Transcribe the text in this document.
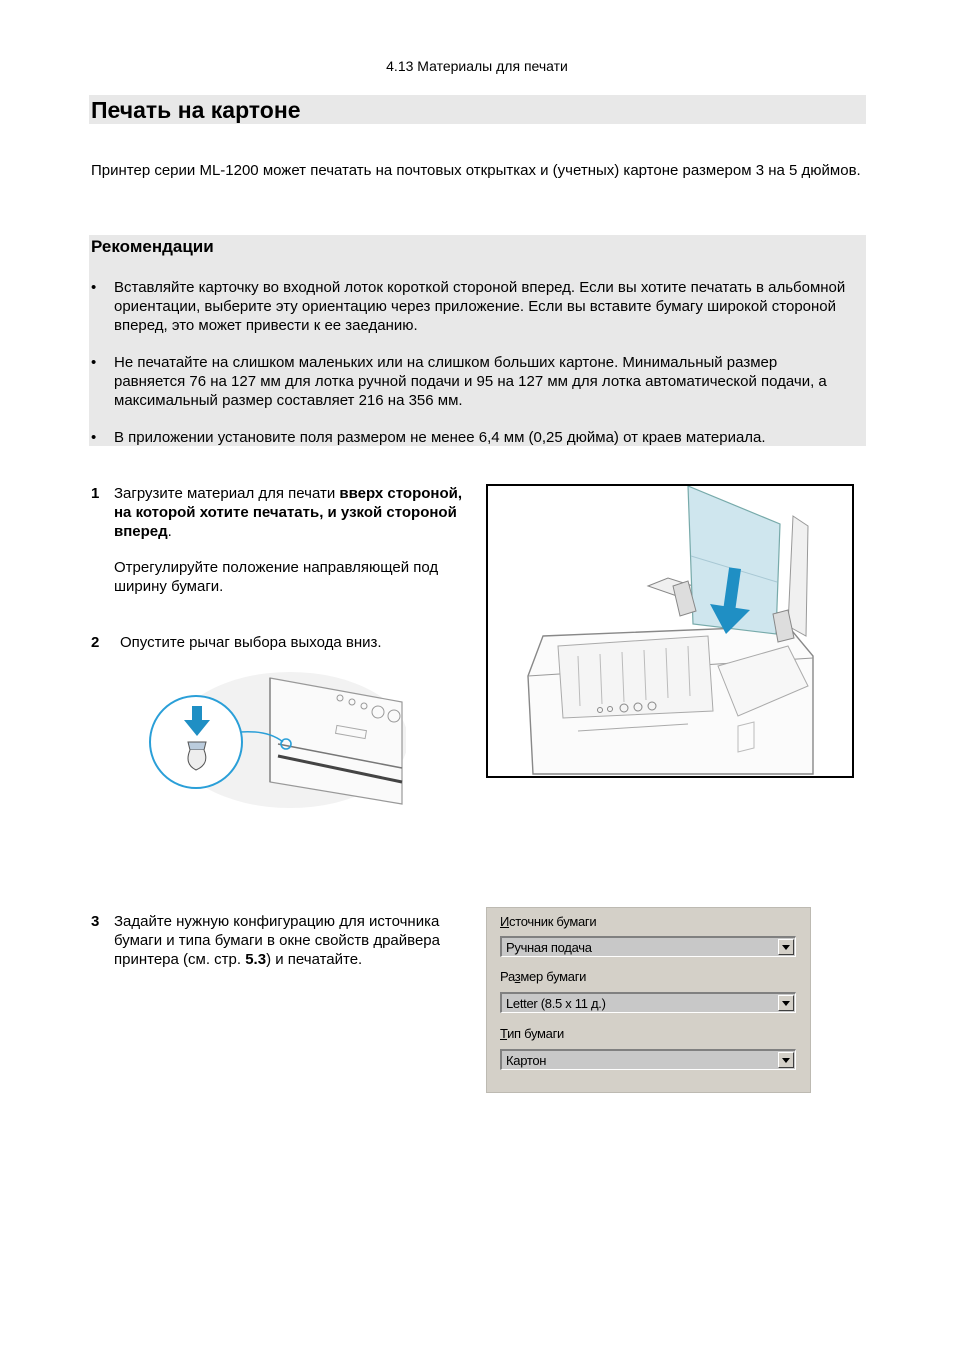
4.13 Материалы для печати
Печать на картоне

Принтер серии ML-1200 может печатать на почтовых открытках и (учетных) картоне размером 3 на 5 дюймов.

Рекомендации
• Вставляйте карточку во входной лоток короткой стороной вперед. Если вы хотите печатать в альбомной ориентации, выберите эту ориентацию через приложение. Если вы вставите бумагу широкой стороной вперед, это может привести к ее заеданию.
• Не печатайте на слишком маленьких или на слишком больших картоне. Минимальный размер равняется 76 на 127 мм для лотка ручной подачи и 95 на 127 мм для лотка автоматической подачи, а максимальный размер составляет 216 на 356 мм.
• В приложении установите поля размером не менее 6,4 мм (0,25 дюйма) от краев материала.
1 Загрузите материал для печати вверх стороной, на которой хотите печатать, и узкой стороной вперед.

Отрегулируйте положение направляющей под ширину бумаги.

2 Опустите рычаг выбора выхода вниз.

3 Задайте нужную конфигурацию для источника бумаги и типа бумаги в окне свойств драйвера принтера (см. стр. 5.3) и печатайте.

Источник бумаги
Ручная подача
Размер бумаги
Letter (8.5 x 11 д.)
Тип бумаги
Картон
